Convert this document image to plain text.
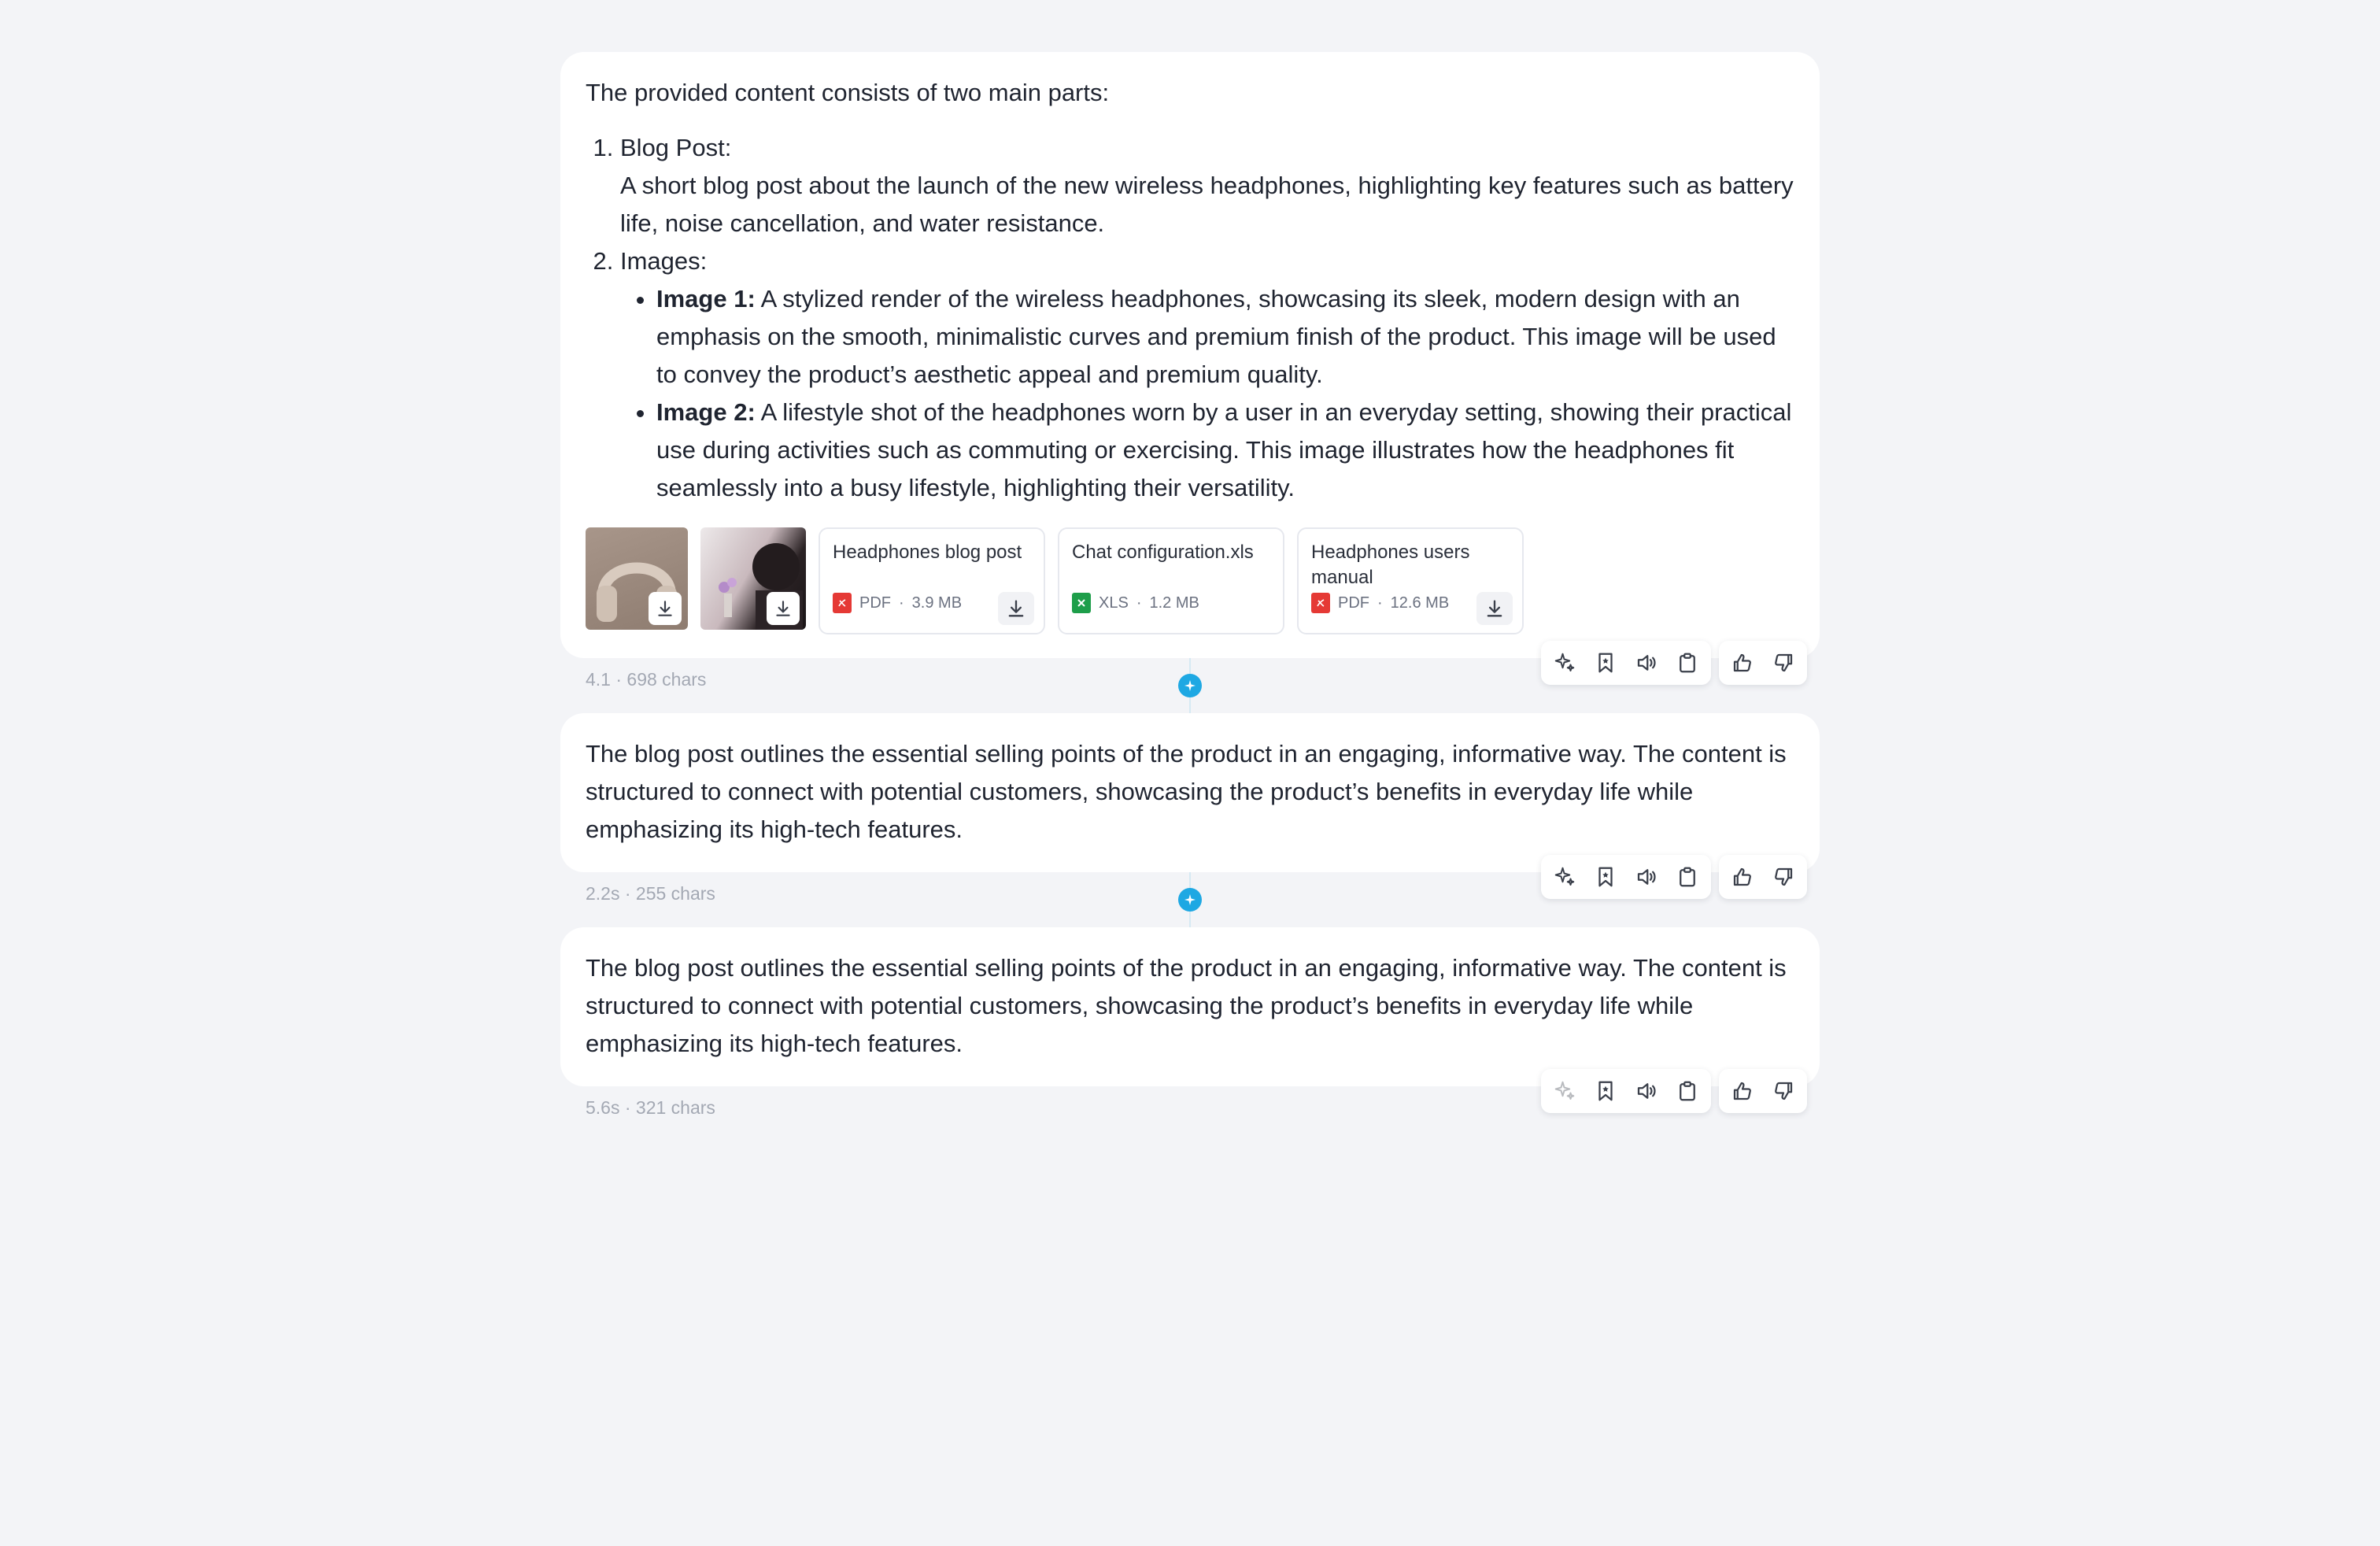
The provided content consists of two main parts:

1. Blog Post:
A short blog post about the launch of the new wireless headphones, highlighting key features such as battery life, noise cancellation, and water resistance.
2. Images:
• Image 1: A stylized render of the wireless headphones, showcasing its sleek, modern design with an emphasis on the smooth, minimalistic curves and premium finish of the product. This image will be used to convey the product’s aesthetic appeal and premium quality.
• Image 2: A lifestyle shot of the headphones worn by a user in an everyday setting, showing their practical use during activities such as commuting or exercising. This image illustrates how the headphones fit seamlessly into a busy lifestyle, highlighting their versatility.
Headphones blog post
PDF · 3.9 MB
Chat configuration.xls
XLS · 1.2 MB
Headphones users manual
PDF · 12.6 MB
4.1 · 698 chars

The blog post outlines the essential selling points of the product in an engaging, informative way. The content is structured to connect with potential customers, showcasing the product’s benefits in everyday life while emphasizing its high-tech features.

2.2s · 255 chars

The blog post outlines the essential selling points of the product in an engaging, informative way. The content is structured to connect with potential customers, showcasing the product’s benefits in everyday life while emphasizing its high-tech features.

5.6s · 321 chars
